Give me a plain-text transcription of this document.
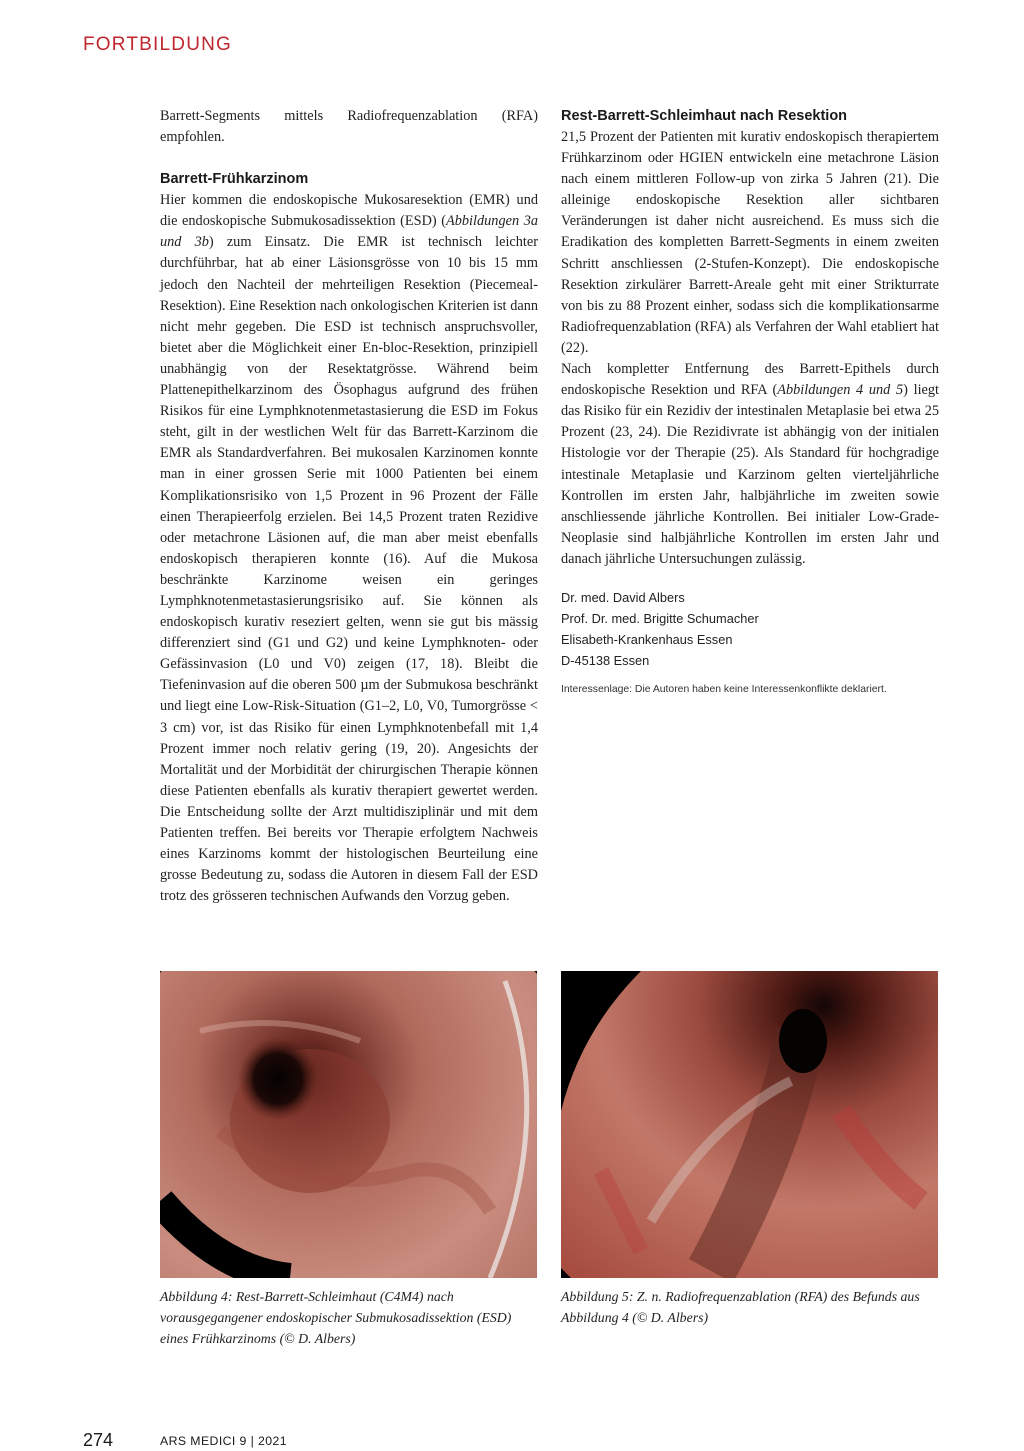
FORTBILDUNG

Barrett-Segments mittels Radiofrequenzablation (RFA) empfohlen.

Barrett-Frühkarzinom

Hier kommen die endoskopische Mukosaresektion (EMR) und die endoskopische Submukosadissektion (ESD) (Abbildungen 3a und 3b) zum Einsatz. Die EMR ist technisch leichter durchführbar, hat ab einer Läsionsgrösse von 10 bis 15 mm jedoch den Nachteil der mehrteiligen Resektion (Piecemeal-Resektion). Eine Resektion nach onkologischen Kriterien ist dann nicht mehr gegeben. Die ESD ist technisch anspruchsvoller, bietet aber die Möglichkeit einer En-bloc-Resektion, prinzipiell unabhängig von der Resektatgrösse. Während beim Plattenepithelkarzinom des Ösophagus aufgrund des frühen Risikos für eine Lymphknotenmetastasierung die ESD im Fokus steht, gilt in der westlichen Welt für das Barrett-Karzinom die EMR als Standardverfahren. Bei mukosalen Karzinomen konnte man in einer grossen Serie mit 1000 Patienten bei einem Komplikationsrisiko von 1,5 Prozent in 96 Prozent der Fälle einen Therapieerfolg erzielen. Bei 14,5 Prozent traten Rezidive oder metachrone Läsionen auf, die man aber meist ebenfalls endoskopisch therapieren konnte (16). Auf die Mukosa beschränkte Karzinome weisen ein geringes Lymphknotenmetastasierungsrisiko auf. Sie können als endoskopisch kurativ reseziert gelten, wenn sie gut bis mässig differenziert sind (G1 und G2) und keine Lymphknoten- oder Gefässinvasion (L0 und V0) zeigen (17, 18). Bleibt die Tiefeninvasion auf die oberen 500 µm der Submukosa beschränkt und liegt eine Low-Risk-Situation (G1–2, L0, V0, Tumorgrösse < 3 cm) vor, ist das Risiko für einen Lymphknotenbefall mit 1,4 Prozent immer noch relativ gering (19, 20). Angesichts der Mortalität und der Morbidität der chirurgischen Therapie können diese Patienten ebenfalls als kurativ therapiert gewertet werden. Die Entscheidung sollte der Arzt multidisziplinär und mit dem Patienten treffen. Bei bereits vor Therapie erfolgtem Nachweis eines Karzinoms kommt der histologischen Beurteilung eine grosse Bedeutung zu, sodass die Autoren in diesem Fall der ESD trotz des grösseren technischen Aufwands den Vorzug geben.

Rest-Barrett-Schleimhaut nach Resektion

21,5 Prozent der Patienten mit kurativ endoskopisch therapiertem Frühkarzinom oder HGIEN entwickeln eine metachrone Läsion nach einem mittleren Follow-up von zirka 5 Jahren (21). Die alleinige endoskopische Resektion aller sichtbaren Veränderungen ist daher nicht ausreichend. Es muss sich die Eradikation des kompletten Barrett-Segments in einem zweiten Schritt anschliessen (2-Stufen-Konzept). Die endoskopische Resektion zirkulärer Barrett-Areale geht mit einer Strikturrate von bis zu 88 Prozent einher, sodass sich die komplikationsarme Radiofrequenzablation (RFA) als Verfahren der Wahl etabliert hat (22).

Nach kompletter Entfernung des Barrett-Epithels durch endoskopische Resektion und RFA (Abbildungen 4 und 5) liegt das Risiko für ein Rezidiv der intestinalen Metaplasie bei etwa 25 Prozent (23, 24). Die Rezidivrate ist abhängig von der initialen Histologie vor der Therapie (25). Als Standard für hochgradige intestinale Metaplasie und Karzinom gelten vierteljährliche Kontrollen im ersten Jahr, halbjährliche im zweiten sowie anschliessende jährliche Kontrollen. Bei initialer Low-Grade-Neoplasie sind halbjährliche Kontrollen im ersten Jahr und danach jährliche Untersuchungen zulässig.

Dr. med. David Albers

Prof. Dr. med. Brigitte Schumacher

Elisabeth-Krankenhaus Essen

D-45138 Essen

Interessenlage: Die Autoren haben keine Interessenkonflikte deklariert.

Abbildung 4: Rest-Barrett-Schleimhaut (C4M4) nach vorausgegangener endoskopischer Submukosadissektion (ESD) eines Frühkarzinoms (© D. Albers)

Abbildung 5: Z. n. Radiofrequenzablation (RFA) des Befunds aus Abbildung 4 (© D. Albers)

274	ARS MEDICI 9 | 2021
